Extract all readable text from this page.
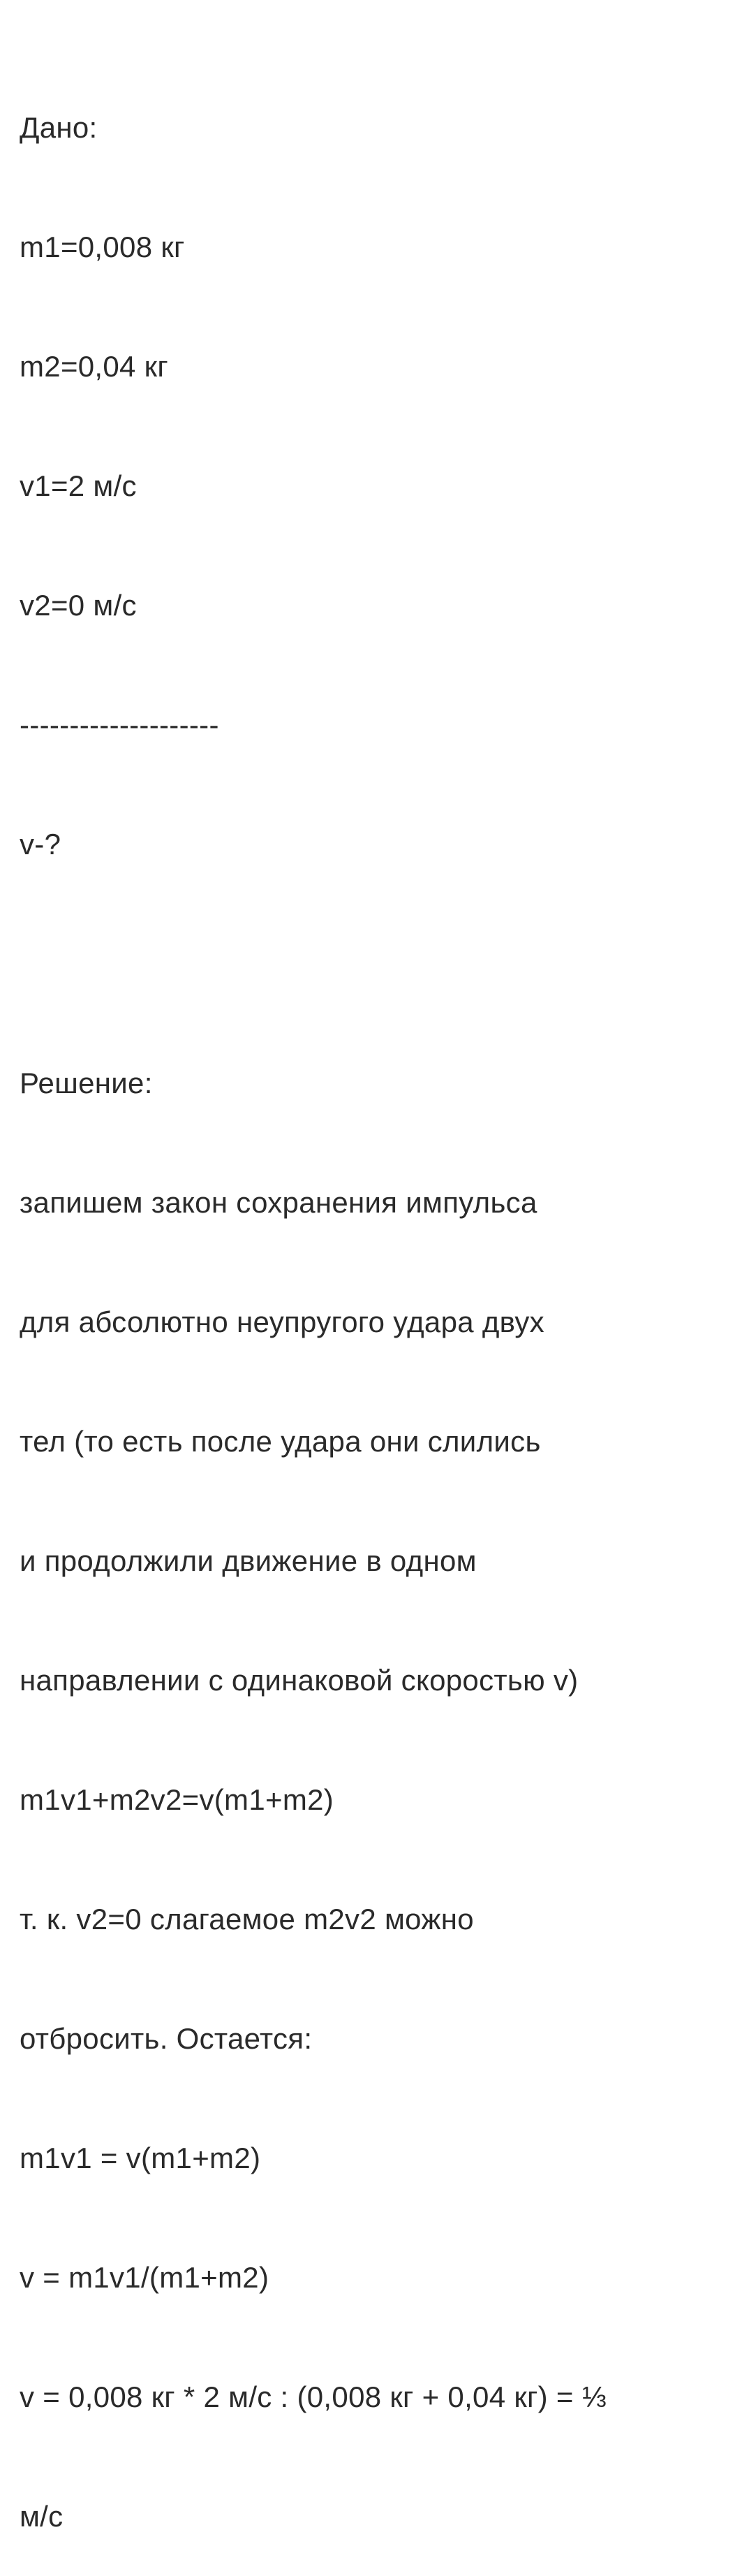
Дано:

m1=0,008 кг

m2=0,04 кг

v1=2 м/с

v2=0 м/с

--------------------

v-?

Решение:

запишем закон сохранения импульса

для абсолютно неупругого удара двух

тел (то есть после удара они слились

и продолжили движение в одном

направлении с одинаковой скоростью v)

m1v1+m2v2=v(m1+m2)

т. к. v2=0 слагаемое m2v2 можно

отбросить. Остается:

m1v1 = v(m1+m2)

v = m1v1/(m1+m2)

v = 0,008 кг * 2 м/с : (0,008 кг + 0,04 кг) = ⅓

м/с
